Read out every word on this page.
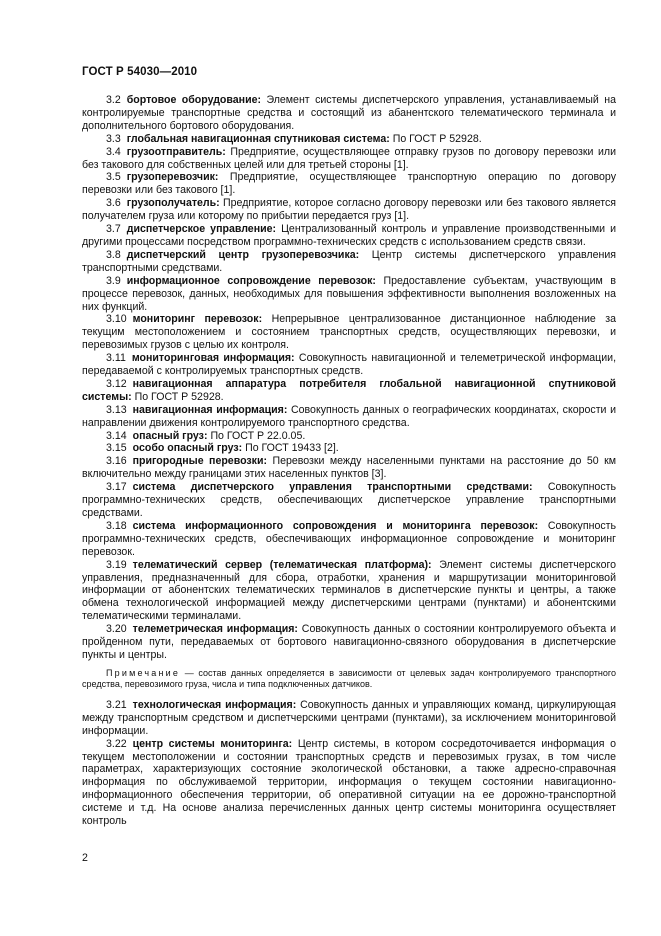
ГОСТ Р 54030—2010

3.2 бортовое оборудование: Элемент системы диспетчерского управления, устанавливаемый на контролируемые транспортные средства и состоящий из абанентского телематического терминала и дополнительного бортового оборудования.

3.3 глобальная навигационная спутниковая система: По ГОСТ Р 52928.

3.4 грузоотправитель: Предприятие, осуществляющее отправку грузов по договору перевозки или без такового для собственных целей или для третьей стороны [1].

3.5 грузоперевозчик: Предприятие, осуществляющее транспортную операцию по договору перевозки или без такового [1].

3.6 грузополучатель: Предприятие, которое согласно договору перевозки или без такового является получателем груза или которому по прибытии передается груз [1].

3.7 диспетчерское управление: Централизованный контроль и управление производственными и другими процессами посредством программно-технических средств с использованием средств связи.

3.8 диспетчерский центр грузоперевозчика: Центр системы диспетчерского управления транспортными средствами.

3.9 информационное сопровождение перевозок: Предоставление субъектам, участвующим в процессе перевозок, данных, необходимых для повышения эффективности выполнения возложенных на них функций.

3.10 мониторинг перевозок: Непрерывное централизованное дистанционное наблюдение за текущим местоположением и состоянием транспортных средств, осуществляющих перевозки, и перевозимых грузов с целью их контроля.

3.11 мониторинговая информация: Совокупность навигационной и телеметрической информации, передаваемой с контролируемых транспортных средств.

3.12 навигационная аппаратура потребителя глобальной навигационной спутниковой системы: По ГОСТ Р 52928.

3.13 навигационная информация: Совокупность данных о географических координатах, скорости и направлении движения контролируемого транспортного средства.

3.14 опасный груз: По ГОСТ Р 22.0.05.

3.15 особо опасный груз: По ГОСТ 19433 [2].

3.16 пригородные перевозки: Перевозки между населенными пунктами на расстояние до 50 км включительно между границами этих населенных пунктов [3].

3.17 система диспетчерского управления транспортными средствами: Совокупность программно-технических средств, обеспечивающих диспетчерское управление транспортными средствами.

3.18 система информационного сопровождения и мониторинга перевозок: Совокупность программно-технических средств, обеспечивающих информационное сопровождение и мониторинг перевозок.

3.19 телематический сервер (телематическая платформа): Элемент системы диспетчерского управления, предназначенный для сбора, отработки, хранения и маршрутизации мониторинговой информации от абонентских телематических терминалов в диспетчерские пункты и центры, а также обмена технологической информацией между диспетчерскими центрами (пунктами) и абонентскими телематическими терминалами.

3.20 телеметрическая информация: Совокупность данных о состоянии контролируемого объекта и пройденном пути, передаваемых от бортового навигационно-связного оборудования в диспетчерские пункты и центры.

Примечание — состав данных определяется в зависимости от целевых задач контролируемого транспортного средства, перевозимого груза, числа и типа подключенных датчиков.

3.21 технологическая информация: Совокупность данных и управляющих команд, циркулирующая между транспортным средством и диспетчерскими центрами (пунктами), за исключением мониторинговой информации.

3.22 центр системы мониторинга: Центр системы, в котором сосредоточивается информация о текущем местоположении и состоянии транспортных средств и перевозимых грузах, в том числе параметрах, характеризующих состояние экологической обстановки, а также адресно-справочная информация по обслуживаемой территории, информация о текущем состоянии навигационно-информационного обеспечения территории, об оперативной ситуации на ее дорожно-транспортной системе и т.д. На основе анализа перечисленных данных центр системы мониторинга осуществляет контроль

2
